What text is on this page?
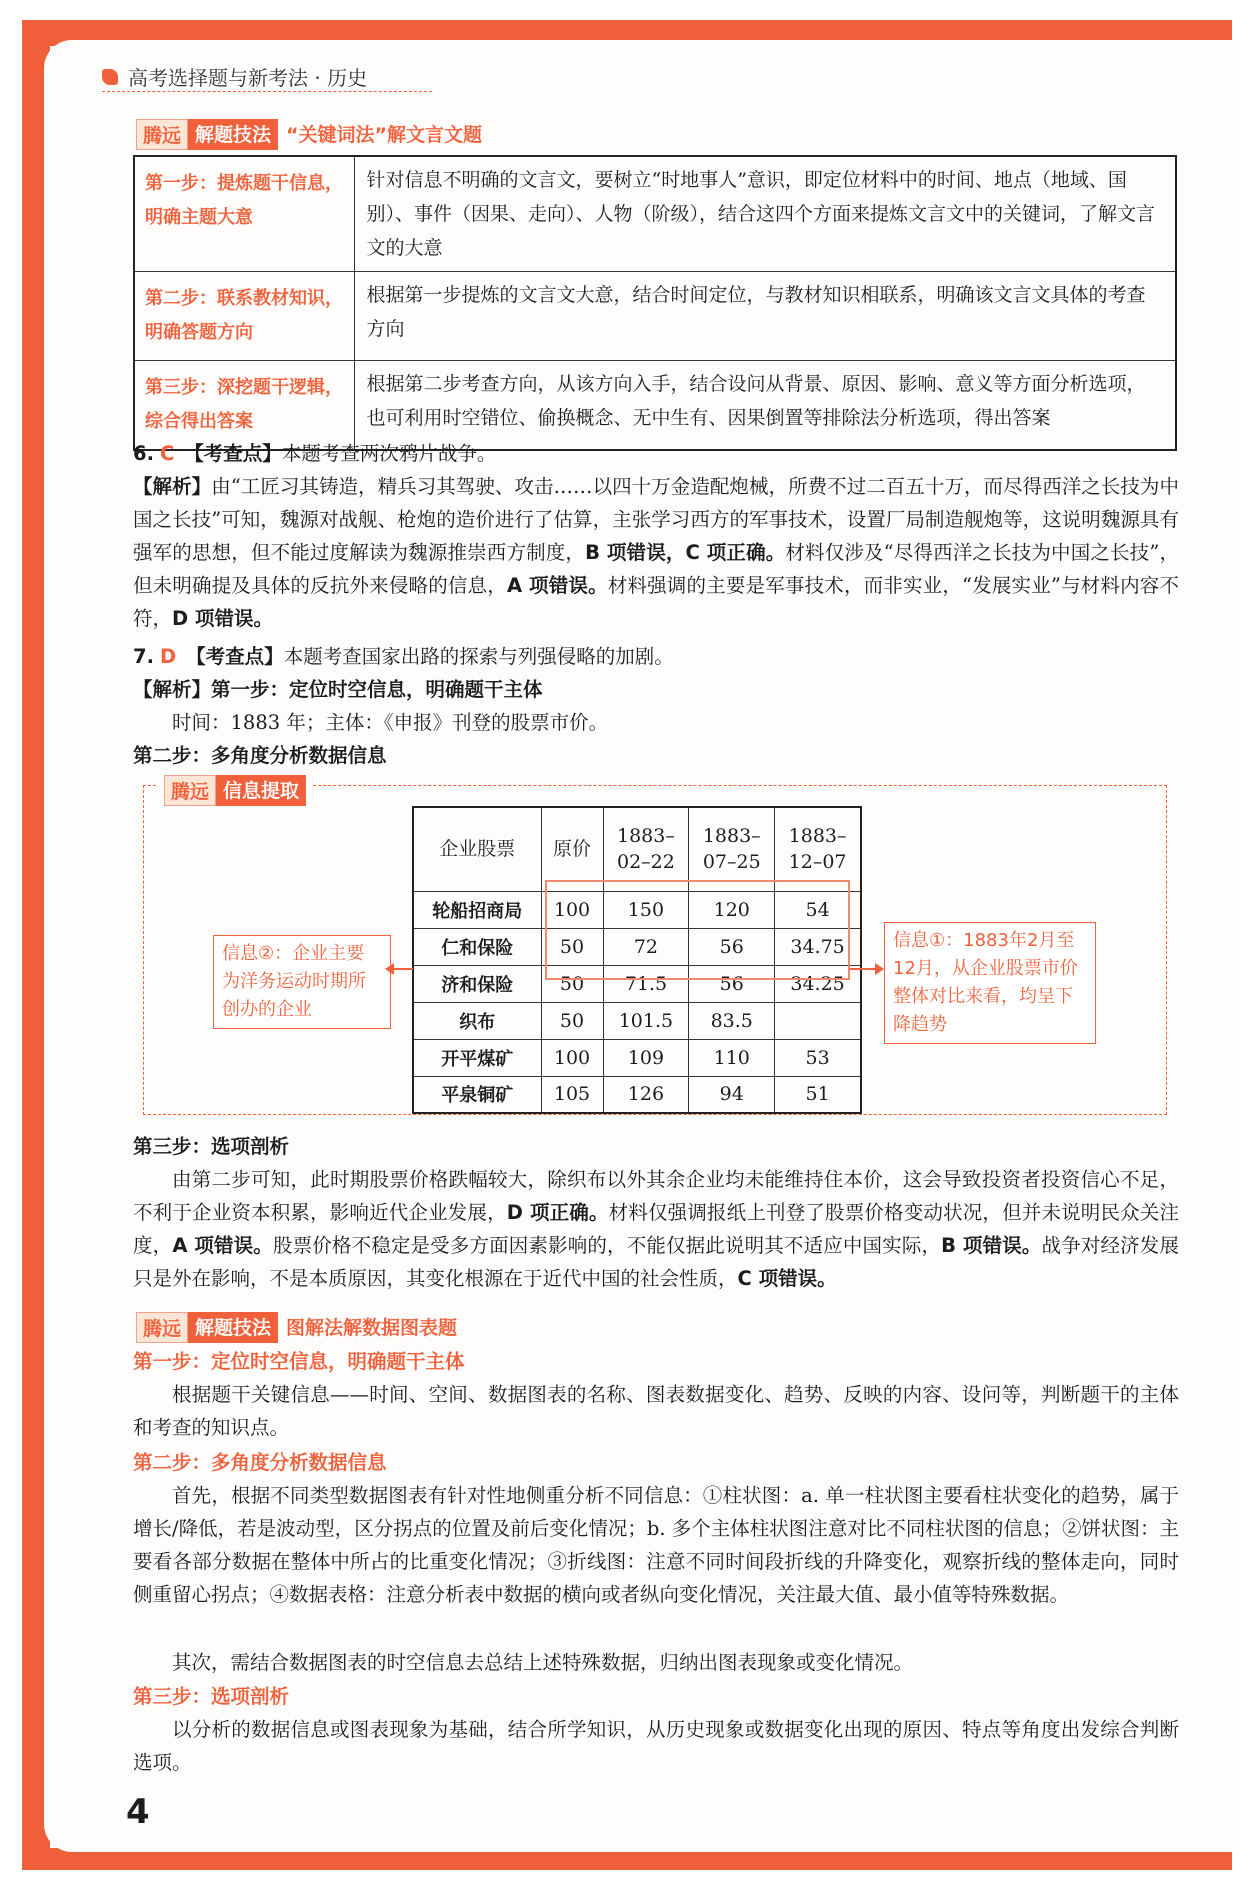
高考选择题与新考法 · 历史
腾远 解题技法 “关键词法”解文言文题
第一步：提炼题干信息，明确主题大意	针对信息不明确的文言文，要树立“时地事人”意识，即定位材料中的时间、地点（地域、国别）、事件（因果、走向）、人物（阶级），结合这四个方面来提炼文言文中的关键词，了解文言文的大意
第二步：联系教材知识，明确答题方向	根据第一步提炼的文言文大意，结合时间定位，与教材知识相联系，明确该文言文具体的考查方向
第三步：深挖题干逻辑，综合得出答案	根据第二步考查方向，从该方向入手，结合设问从背景、原因、影响、意义等方面分析选项，也可利用时空错位、偷换概念、无中生有、因果倒置等排除法分析选项，得出答案
6. C 【考查点】本题考查两次鸦片战争。
【解析】由“工匠习其铸造，精兵习其驾驶、攻击……以四十万金造配炮械，所费不过二百五十万，而尽得西洋之长技为中国之长技”可知，魏源对战舰、枪炮的造价进行了估算，主张学习西方的军事技术，设置厂局制造舰炮等，这说明魏源具有强军的思想，但不能过度解读为魏源推崇西方制度，B 项错误，C 项正确。材料仅涉及“尽得西洋之长技为中国之长技”，但未明确提及具体的反抗外来侵略的信息，A 项错误。材料强调的主要是军事技术，而非实业，“发展实业”与材料内容不符，D 项错误。
7. D 【考查点】本题考查国家出路的探索与列强侵略的加剧。
【解析】第一步：定位时空信息，明确题干主体
时间：1883 年；主体：《申报》刊登的股票市价。
第二步：多角度分析数据信息
腾远 信息提取
企业股票	原价	1883–02–22	1883–07–25	1883–12–07
轮船招商局	100	150	120	54
仁和保险	50	72	56	34.75
济和保险	50	71.5	56	34.25
织布	50	101.5	83.5	
开平煤矿	100	109	110	53
平泉铜矿	105	126	94	51
信息②：企业主要为洋务运动时期所创办的企业
信息①：1883年2月至12月，从企业股票市价整体对比来看，均呈下降趋势
第三步：选项剖析
由第二步可知，此时期股票价格跌幅较大，除织布以外其余企业均未能维持住本价，这会导致投资者投资信心不足，不利于企业资本积累，影响近代企业发展，D 项正确。材料仅强调报纸上刊登了股票价格变动状况，但并未说明民众关注度，A 项错误。股票价格不稳定是受多方面因素影响的，不能仅据此说明其不适应中国实际，B 项错误。战争对经济发展只是外在影响，不是本质原因，其变化根源在于近代中国的社会性质，C 项错误。
腾远 解题技法 图解法解数据图表题
第一步：定位时空信息，明确题干主体
根据题干关键信息——时间、空间、数据图表的名称、图表数据变化、趋势、反映的内容、设问等，判断题干的主体和考查的知识点。
第二步：多角度分析数据信息
首先，根据不同类型数据图表有针对性地侧重分析不同信息：①柱状图：a. 单一柱状图主要看柱状变化的趋势，属于增长/降低，若是波动型，区分拐点的位置及前后变化情况；b. 多个主体柱状图注意对比不同柱状图的信息；②饼状图：主要看各部分数据在整体中所占的比重变化情况；③折线图：注意不同时间段折线的升降变化，观察折线的整体走向，同时侧重留心拐点；④数据表格：注意分析表中数据的横向或者纵向变化情况，关注最大值、最小值等特殊数据。
其次，需结合数据图表的时空信息去总结上述特殊数据，归纳出图表现象或变化情况。
第三步：选项剖析
以分析的数据信息或图表现象为基础，结合所学知识，从历史现象或数据变化出现的原因、特点等角度出发综合判断选项。
4
